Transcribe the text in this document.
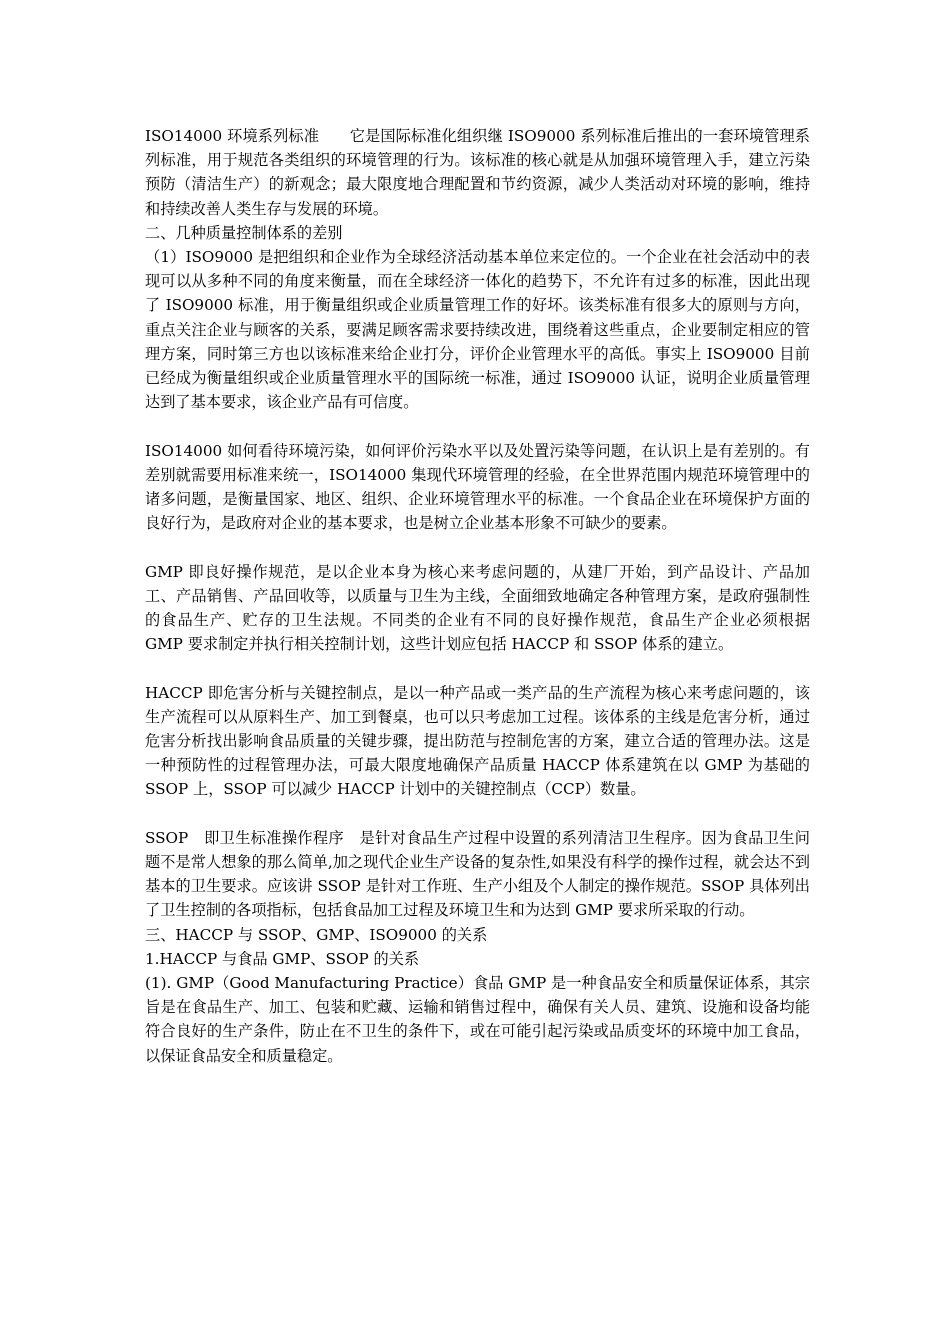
ISO14000 环境系列标准　　它是国际标准化组织继 ISO9000 系列标准后推出的一套环境管理系列标准，用于规范各类组织的环境管理的行为。该标准的核心就是从加强环境管理入手，建立污染预防（清洁生产）的新观念；最大限度地合理配置和节约资源，减少人类活动对环境的影响，维持和持续改善人类生存与发展的环境。

二、几种质量控制体系的差别

（1）ISO9000 是把组织和企业作为全球经济活动基本单位来定位的。一个企业在社会活动中的表现可以从多种不同的角度来衡量，而在全球经济一体化的趋势下，不允许有过多的标准，因此出现了 ISO9000 标准，用于衡量组织或企业质量管理工作的好坏。该类标准有很多大的原则与方向，重点关注企业与顾客的关系，要满足顾客需求要持续改进，围绕着这些重点，企业要制定相应的管理方案，同时第三方也以该标准来给企业打分，评价企业管理水平的高低。事实上 ISO9000 目前已经成为衡量组织或企业质量管理水平的国际统一标准，通过 ISO9000 认证，说明企业质量管理达到了基本要求，该企业产品有可信度。

ISO14000 如何看待环境污染，如何评价污染水平以及处置污染等问题，在认识上是有差别的。有差别就需要用标准来统一，ISO14000 集现代环境管理的经验，在全世界范围内规范环境管理中的诸多问题，是衡量国家、地区、组织、企业环境管理水平的标准。一个食品企业在环境保护方面的良好行为，是政府对企业的基本要求，也是树立企业基本形象不可缺少的要素。

GMP 即良好操作规范，是以企业本身为核心来考虑问题的，从建厂开始，到产品设计、产品加工、产品销售、产品回收等，以质量与卫生为主线，全面细致地确定各种管理方案，是政府强制性的食品生产、贮存的卫生法规。不同类的企业有不同的良好操作规范，食品生产企业必须根据 GMP 要求制定并执行相关控制计划，这些计划应包括 HACCP 和 SSOP 体系的建立。

HACCP 即危害分析与关键控制点，是以一种产品或一类产品的生产流程为核心来考虑问题的，该生产流程可以从原料生产、加工到餐桌，也可以只考虑加工过程。该体系的主线是危害分析，通过危害分析找出影响食品质量的关键步骤，提出防范与控制危害的方案，建立合适的管理办法。这是一种预防性的过程管理办法，可最大限度地确保产品质量 HACCP 体系建筑在以 GMP 为基础的 SSOP 上，SSOP 可以减少 HACCP 计划中的关键控制点（CCP）数量。

SSOP　即卫生标准操作程序　是针对食品生产过程中设置的系列清洁卫生程序。因为食品卫生问题不是常人想象的那么简单,加之现代企业生产设备的复杂性,如果没有科学的操作过程，就会达不到基本的卫生要求。应该讲 SSOP 是针对工作班、生产小组及个人制定的操作规范。SSOP 具体列出了卫生控制的各项指标，包括食品加工过程及环境卫生和为达到 GMP 要求所采取的行动。

三、HACCP 与 SSOP、GMP、ISO9000 的关系

1.HACCP 与食品 GMP、SSOP 的关系

(1). GMP（Good Manufacturing Practice）食品 GMP 是一种食品安全和质量保证体系，其宗旨是在食品生产、加工、包装和贮藏、运输和销售过程中，确保有关人员、建筑、设施和设备均能符合良好的生产条件，防止在不卫生的条件下，或在可能引起污染或品质变坏的环境中加工食品，以保证食品安全和质量稳定。
